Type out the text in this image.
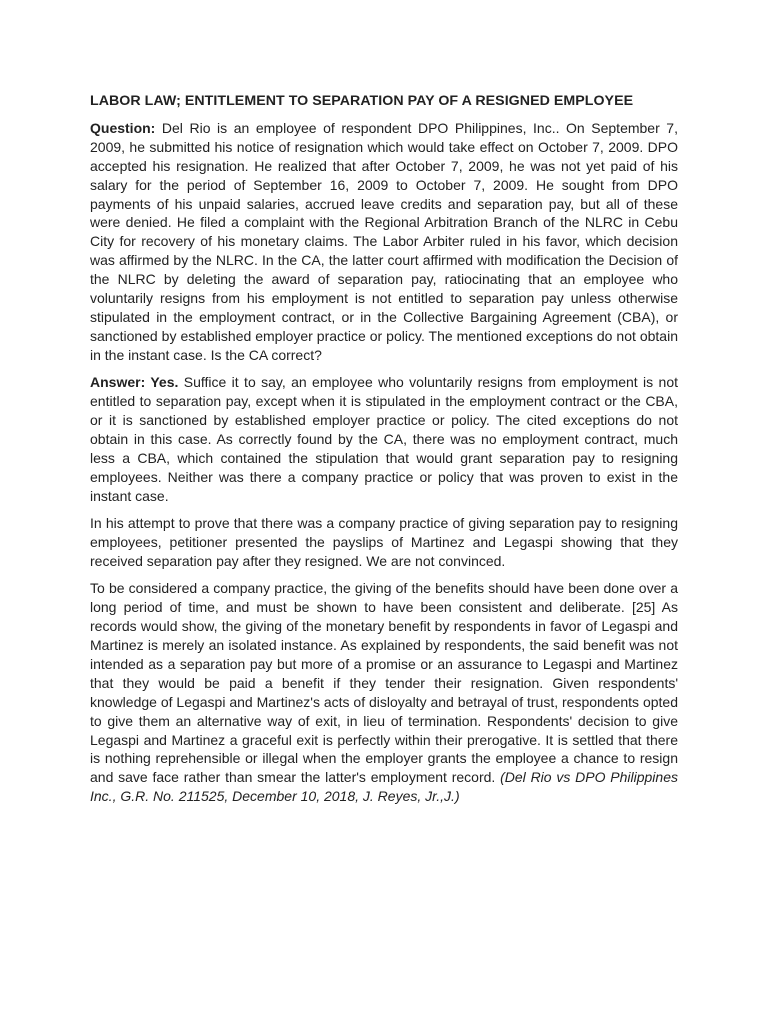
LABOR LAW; ENTITLEMENT TO SEPARATION PAY OF A RESIGNED EMPLOYEE

Question: Del Rio is an employee of respondent DPO Philippines, Inc.. On September 7, 2009, he submitted his notice of resignation which would take effect on October 7, 2009. DPO accepted his resignation. He realized that after October 7, 2009, he was not yet paid of his salary for the period of September 16, 2009 to October 7, 2009. He sought from DPO payments of his unpaid salaries, accrued leave credits and separation pay, but all of these were denied. He filed a complaint with the Regional Arbitration Branch of the NLRC in Cebu City for recovery of his monetary claims. The Labor Arbiter ruled in his favor, which decision was affirmed by the NLRC. In the CA, the latter court affirmed with modification the Decision of the NLRC by deleting the award of separation pay, ratiocinating that an employee who voluntarily resigns from his employment is not entitled to separation pay unless otherwise stipulated in the employment contract, or in the Collective Bargaining Agreement (CBA), or sanctioned by established employer practice or policy. The mentioned exceptions do not obtain in the instant case. Is the CA correct?

Answer: Yes. Suffice it to say, an employee who voluntarily resigns from employment is not entitled to separation pay, except when it is stipulated in the employment contract or the CBA, or it is sanctioned by established employer practice or policy. The cited exceptions do not obtain in this case. As correctly found by the CA, there was no employment contract, much less a CBA, which contained the stipulation that would grant separation pay to resigning employees. Neither was there a company practice or policy that was proven to exist in the instant case.

In his attempt to prove that there was a company practice of giving separation pay to resigning employees, petitioner presented the payslips of Martinez and Legaspi showing that they received separation pay after they resigned. We are not convinced.

To be considered a company practice, the giving of the benefits should have been done over a long period of time, and must be shown to have been consistent and deliberate. [25] As records would show, the giving of the monetary benefit by respondents in favor of Legaspi and Martinez is merely an isolated instance. As explained by respondents, the said benefit was not intended as a separation pay but more of a promise or an assurance to Legaspi and Martinez that they would be paid a benefit if they tender their resignation. Given respondents' knowledge of Legaspi and Martinez's acts of disloyalty and betrayal of trust, respondents opted to give them an alternative way of exit, in lieu of termination. Respondents' decision to give Legaspi and Martinez a graceful exit is perfectly within their prerogative. It is settled that there is nothing reprehensible or illegal when the employer grants the employee a chance to resign and save face rather than smear the latter's employment record. (Del Rio vs DPO Philippines Inc., G.R. No. 211525, December 10, 2018, J. Reyes, Jr.,J.)
